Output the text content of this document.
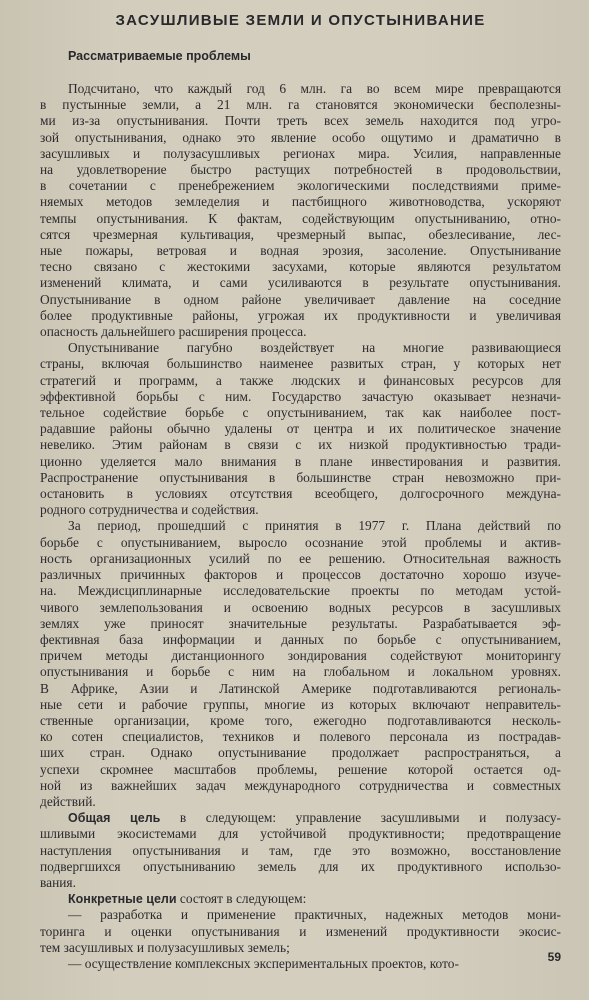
ЗАСУШЛИВЫЕ ЗЕМЛИ И ОПУСТЫНИВАНИЕ
Рассматриваемые проблемы

Подсчитано, что каждый год 6 млн. га во всем мире превращаются
в пустынные земли, а 21 млн. га становятся экономически бесполезны-
ми из-за опустынивания. Почти треть всех земель находится под угро-
зой опустынивания, однако это явление особо ощутимо и драматично в
засушливых и полузасушливых регионах мира. Усилия, направленные
на удовлетворение быстро растущих потребностей в продовольствии,
в сочетании с пренебрежением экологическими последствиями приме-
няемых методов земледелия и пастбищного животноводства, ускоряют
темпы опустынивания. К фактам, содействующим опустыниванию, отно-
сятся чрезмерная культивация, чрезмерный выпас, обезлесивание, лес-
ные пожары, ветровая и водная эрозия, засоление. Опустынивание
тесно связано с жестокими засухами, которые являются результатом
изменений климата, и сами усиливаются в результате опустынивания.
Опустынивание в одном районе увеличивает давление на соседние
более продуктивные районы, угрожая их продуктивности и увеличивая
опасность дальнейшего расширения процесса.

Опустынивание пагубно воздействует на многие развивающиеся
страны, включая большинство наименее развитых стран, у которых нет
стратегий и программ, а также людских и финансовых ресурсов для
эффективной борьбы с ним. Государство зачастую оказывает незначи-
тельное содействие борьбе с опустыниванием, так как наиболее пост-
радавшие районы обычно удалены от центра и их политическое значение
невелико. Этим районам в связи с их низкой продуктивностью тради-
ционно уделяется мало внимания в плане инвестирования и развития.
Распространение опустынивания в большинстве стран невозможно при-
остановить в условиях отсутствия всеобщего, долгосрочного междуна-
родного сотрудничества и содействия.

За период, прошедший с принятия в 1977 г. Плана действий по
борьбе с опустыниванием, выросло осознание этой проблемы и актив-
ность организационных усилий по ее решению. Относительная важность
различных причинных факторов и процессов достаточно хорошо изуче-
на. Междисциплинарные исследовательские проекты по методам устой-
чивого землепользования и освоению водных ресурсов в засушливых
землях уже приносят значительные результаты. Разрабатывается эф-
фективная база информации и данных по борьбе с опустыниванием,
причем методы дистанционного зондирования содействуют мониторингу
опустынивания и борьбе с ним на глобальном и локальном уровнях.
В Африке, Азии и Латинской Америке подготавливаются региональ-
ные сети и рабочие группы, многие из которых включают неправитель-
ственные организации, кроме того, ежегодно подготавливаются несколь-
ко сотен специалистов, техников и полевого персонала из пострадав-
ших стран. Однако опустынивание продолжает распространяться, а
успехи скромнее масштабов проблемы, решение которой остается од-
ной из важнейших задач международного сотрудничества и совместных
действий.

Общая цель в следующем: управление засушливыми и полузасу-
шливыми экосистемами для устойчивой продуктивности; предотвращение
наступления опустынивания и там, где это возможно, восстановление
подвергшихся опустыниванию земель для их продуктивного использо-
вания.

Конкретные цели состоят в следующем:

— разработка и применение практичных, надежных методов мони-
торинга и оценки опустынивания и изменений продуктивности экосис-
тем засушливых и полузасушливых земель;

— осуществление комплексных экспериментальных проектов, кото-	59
